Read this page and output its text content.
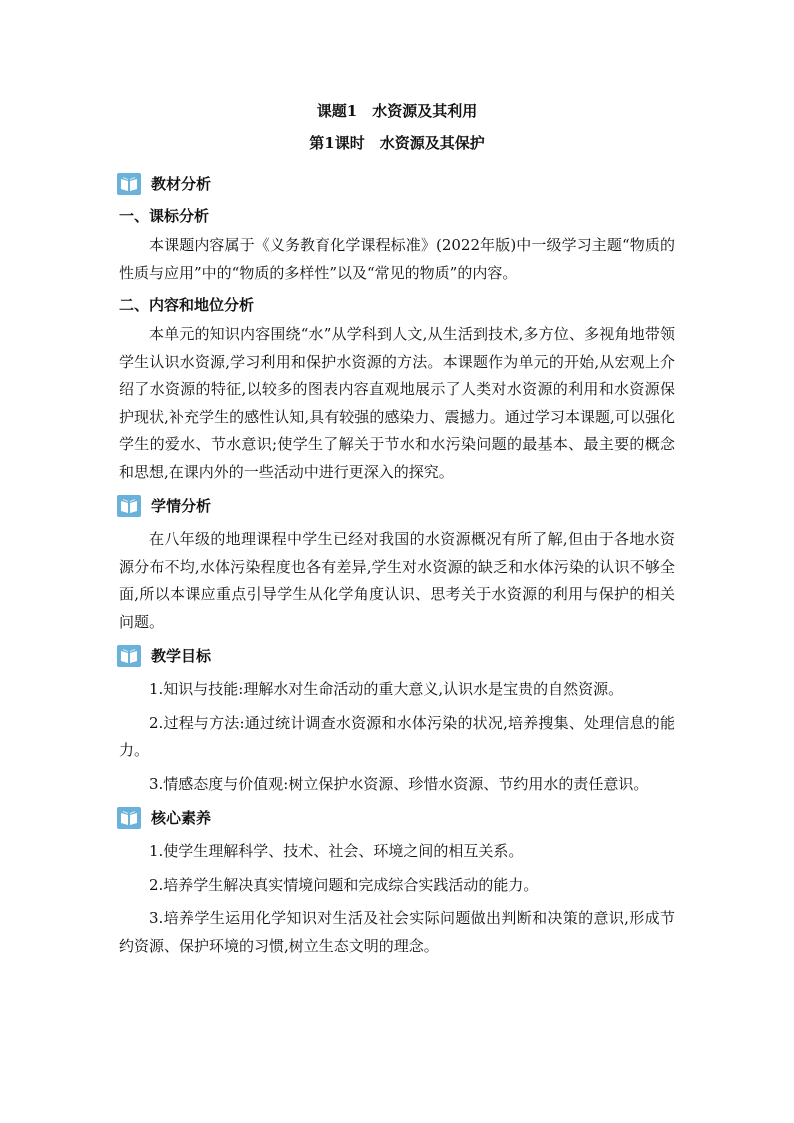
课题1　水资源及其利用

第1课时　水资源及其保护

教材分析
一、课标分析

本课题内容属于《义务教育化学课程标准》(2022年版)中一级学习主题“物质的性质与应用”中的“物质的多样性”以及“常见的物质”的内容。

二、内容和地位分析

本单元的知识内容围绕“水”从学科到人文,从生活到技术,多方位、多视角地带领学生认识水资源,学习利用和保护水资源的方法。本课题作为单元的开始,从宏观上介绍了水资源的特征,以较多的图表内容直观地展示了人类对水资源的利用和水资源保护现状,补充学生的感性认知,具有较强的感染力、震撼力。通过学习本课题,可以强化学生的爱水、节水意识;使学生了解关于节水和水污染问题的最基本、最主要的概念和思想,在课内外的一些活动中进行更深入的探究。

学情分析

在八年级的地理课程中学生已经对我国的水资源概况有所了解,但由于各地水资源分布不均,水体污染程度也各有差异,学生对水资源的缺乏和水体污染的认识不够全面,所以本课应重点引导学生从化学角度认识、思考关于水资源的利用与保护的相关问题。

教学目标

1.知识与技能:理解水对生命活动的重大意义,认识水是宝贵的自然资源。

2.过程与方法:通过统计调查水资源和水体污染的状况,培养搜集、处理信息的能力。

3.情感态度与价值观:树立保护水资源、珍惜水资源、节约用水的责任意识。

核心素养

1.使学生理解科学、技术、社会、环境之间的相互关系。

2.培养学生解决真实情境问题和完成综合实践活动的能力。

3.培养学生运用化学知识对生活及社会实际问题做出判断和决策的意识,形成节约资源、保护环境的习惯,树立生态文明的理念。
